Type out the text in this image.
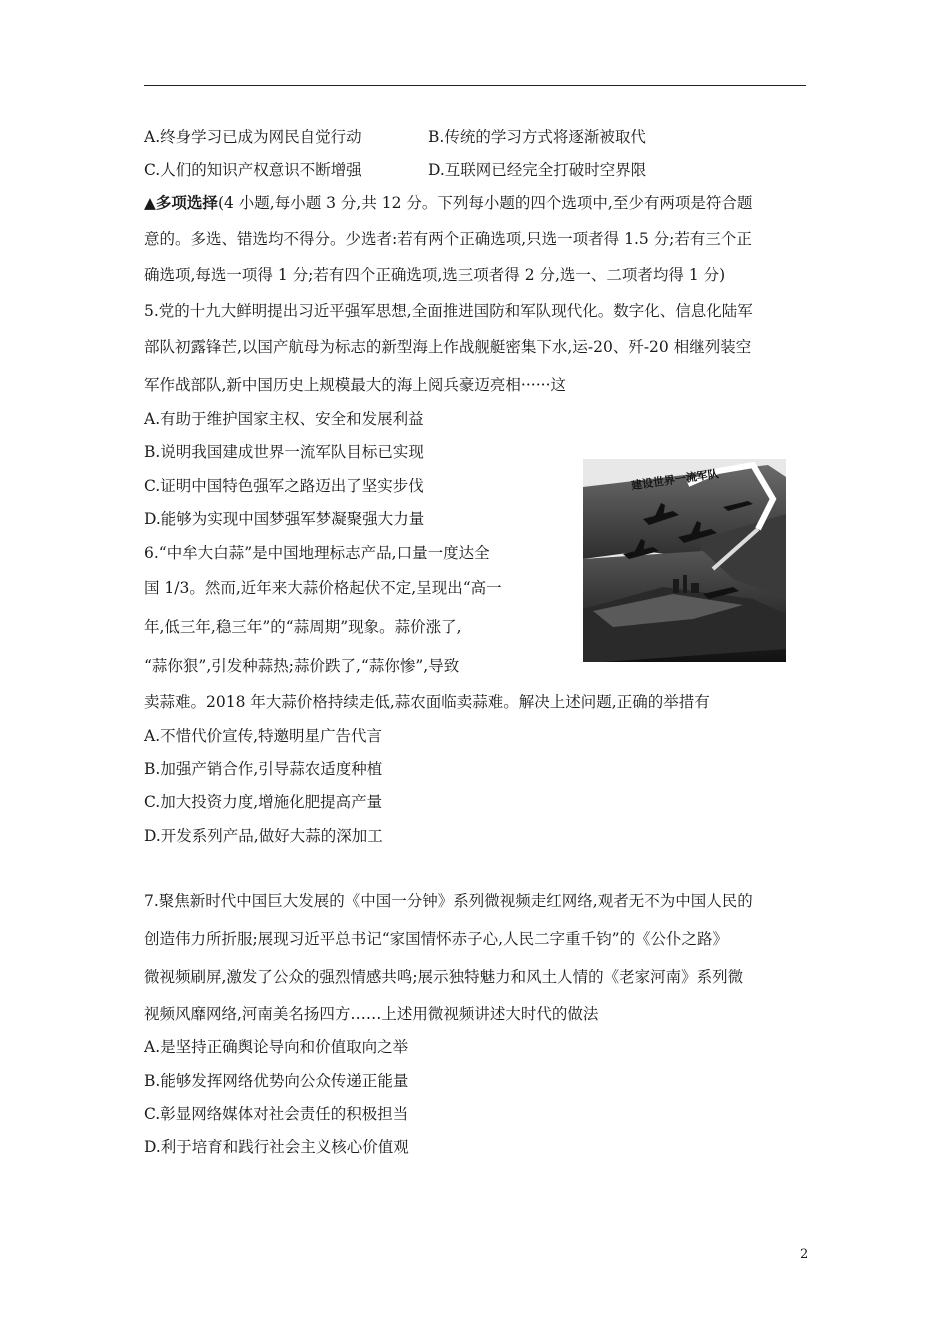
A.终身学习已成为网民自觉行动	B.传统的学习方式将逐渐被取代
C.人们的知识产权意识不断增强	D.互联网已经完全打破时空界限
▲多项选择(4 小题,每小题 3 分,共 12 分。下列每小题的四个选项中,至少有两项是符合题
意的。多选、错选均不得分。少选者:若有两个正确选项,只选一项者得 1.5 分;若有三个正
确选项,每选一项得 1 分;若有四个正确选项,选三项者得 2 分,选一、二项者均得 1 分)
5.党的十九大鲜明提出习近平强军思想,全面推进国防和军队现代化。数字化、信息化陆军
部队初露锋芒,以国产航母为标志的新型海上作战舰艇密集下水,运-20、歼-20 相继列装空
军作战部队,新中国历史上规模最大的海上阅兵豪迈亮相······这
A.有助于维护国家主权、安全和发展利益
B.说明我国建成世界一流军队目标已实现
C.证明中国特色强军之路迈出了坚实步伐
D.能够为实现中国梦强军梦凝聚强大力量
建设世界一流军队
6.“中牟大白蒜”是中国地理标志产品,口量一度达全
国 1/3。然而,近年来大蒜价格起伏不定,呈现出“高一
年,低三年,稳三年”的“蒜周期”现象。蒜价涨了,
“蒜你狠”,引发种蒜热;蒜价跌了,“蒜你惨”,导致
卖蒜难。2018 年大蒜价格持续走低,蒜农面临卖蒜难。解决上述问题,正确的举措有
A.不惜代价宣传,特邀明星广告代言
B.加强产销合作,引导蒜农适度种植
C.加大投资力度,增施化肥提高产量
D.开发系列产品,做好大蒜的深加工
7.聚焦新时代中国巨大发展的《中国一分钟》系列微视频走红网络,观者无不为中国人民的
创造伟力所折服;展现习近平总书记“家国情怀赤子心,人民二字重千钧”的《公仆之路》
微视频刷屏,激发了公众的强烈情感共鸣;展示独特魅力和风土人情的《老家河南》系列微
视频风靡网络,河南美名扬四方……上述用微视频讲述大时代的做法
A.是坚持正确舆论导向和价值取向之举
B.能够发挥网络优势向公众传递正能量
C.彰显网络媒体对社会责任的积极担当
D.利于培育和践行社会主义核心价值观
2
